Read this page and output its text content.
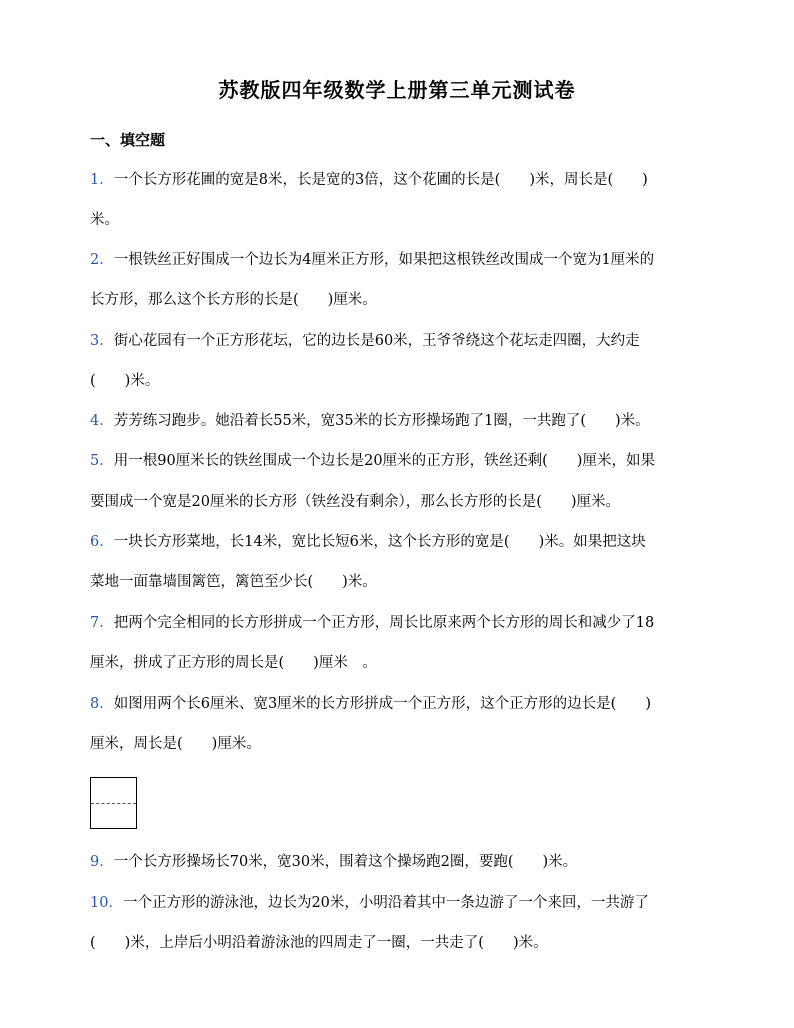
苏教版四年级数学上册第三单元测试卷
一、填空题
1．一个长方形花圃的宽是8米，长是宽的3倍，这个花圃的长是(　　)米，周长是(　　)
米。
2．一根铁丝正好围成一个边长为4厘米正方形，如果把这根铁丝改围成一个宽为1厘米的
长方形，那么这个长方形的长是(　　)厘米。
3．街心花园有一个正方形花坛，它的边长是60米，王爷爷绕这个花坛走四圈，大约走
(　　)米。
4．芳芳练习跑步。她沿着长55米，宽35米的长方形操场跑了1圈，一共跑了(　　)米。
5．用一根90厘米长的铁丝围成一个边长是20厘米的正方形，铁丝还剩(　　)厘米，如果
要围成一个宽是20厘米的长方形（铁丝没有剩余），那么长方形的长是(　　)厘米。
6．一块长方形菜地，长14米，宽比长短6米，这个长方形的宽是(　　)米。如果把这块
菜地一面靠墙围篱笆，篱笆至少长(　　)米。
7．把两个完全相同的长方形拼成一个正方形，周长比原来两个长方形的周长和减少了18
厘米，拼成了正方形的周长是(　　)厘米　。
8．如图用两个长6厘米、宽3厘米的长方形拼成一个正方形，这个正方形的边长是(　　)
厘米，周长是(　　)厘米。
9．一个长方形操场长70米，宽30米，围着这个操场跑2圈，要跑(　　)米。
10．一个正方形的游泳池，边长为20米，小明沿着其中一条边游了一个来回，一共游了
(　　)米，上岸后小明沿着游泳池的四周走了一圈，一共走了(　　)米。
